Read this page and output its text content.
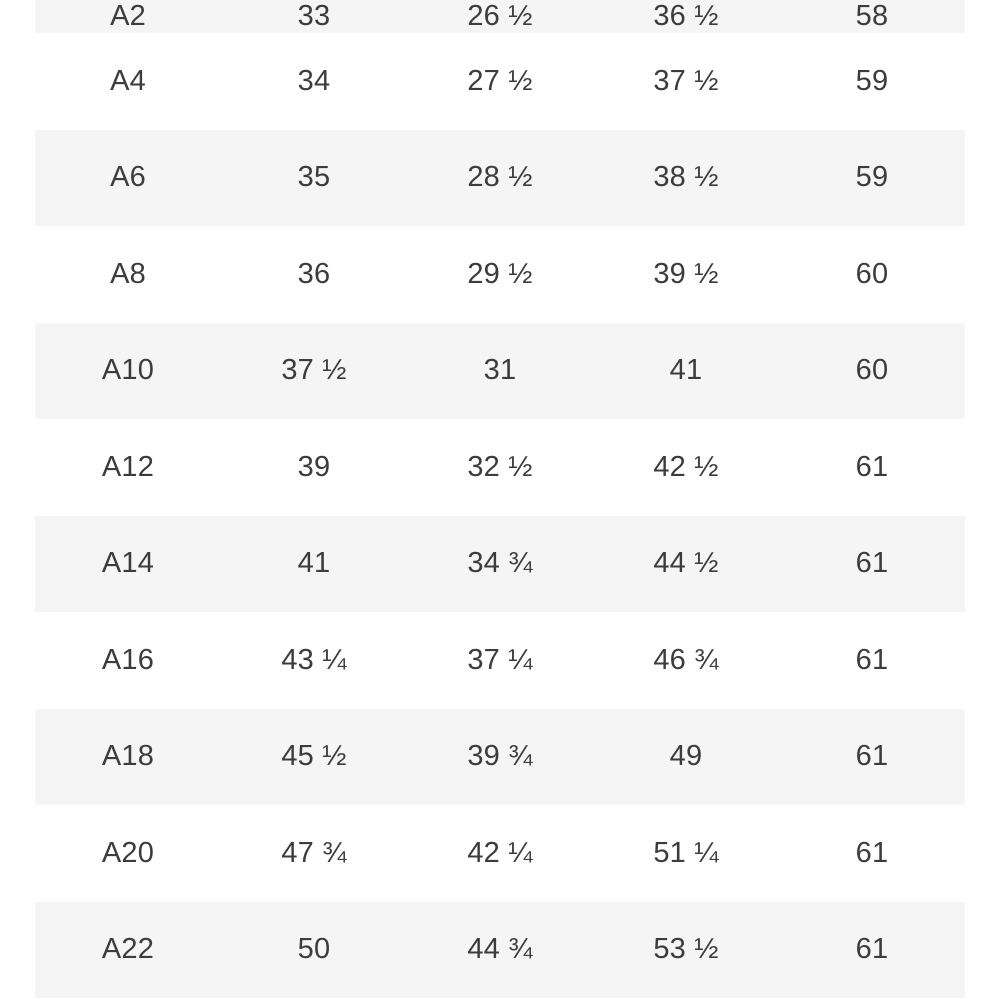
A2	33	26 ½	36 ½	58
A4	34	27 ½	37 ½	59
A6	35	28 ½	38 ½	59
A8	36	29 ½	39 ½	60
A10	37 ½	31	41	60
A12	39	32 ½	42 ½	61
A14	41	34 ¾	44 ½	61
A16	43 ¼	37 ¼	46 ¾	61
A18	45 ½	39 ¾	49	61
A20	47 ¾	42 ¼	51 ¼	61
A22	50	44 ¾	53 ½	61
